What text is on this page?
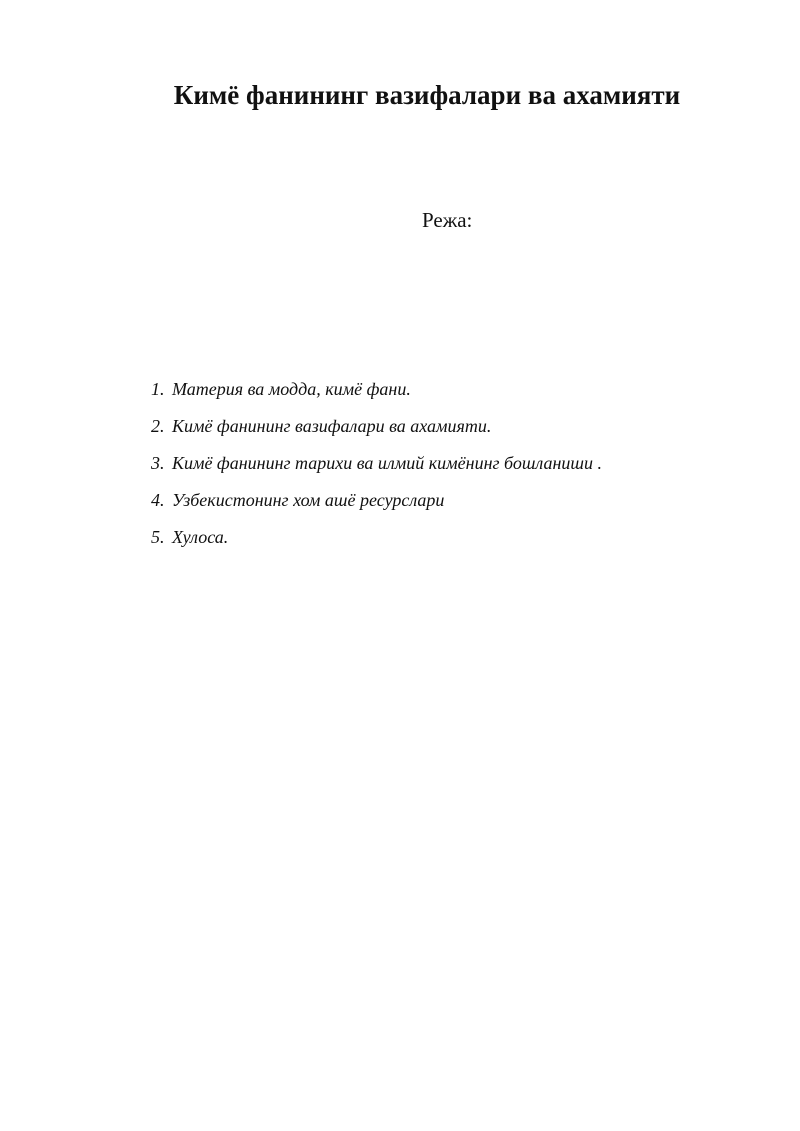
Кимё фанининг вазифалари ва ахамияти

Режа:

1. Материя ва модда, кимё фани.
2. Кимё фанининг вазифалари ва ахамияти.
3. Кимё фанининг тарихи ва илмий кимёнинг бошланиши .
4. Узбекистонинг хом ашё ресурслари
5. Хулоса.
